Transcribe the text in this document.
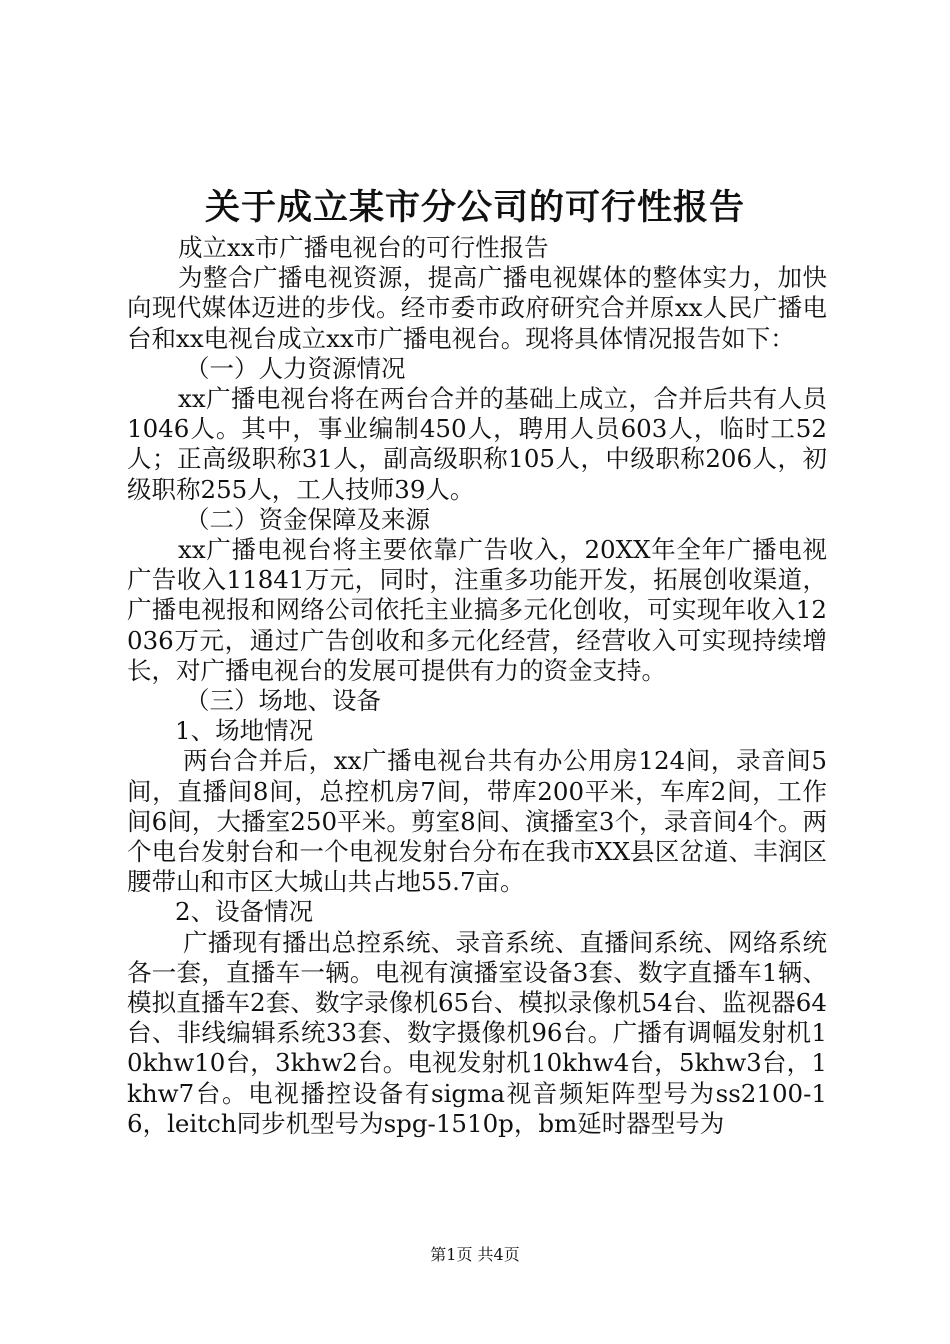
关于成立某市分公司的可行性报告

成立xx市广播电视台的可行性报告

为整合广播电视资源，提高广播电视媒体的整体实力，加快向现代媒体迈进的步伐。经市委市政府研究合并原xx人民广播电台和xx电视台成立xx市广播电视台。现将具体情况报告如下：

（一）人力资源情况

xx广播电视台将在两台合并的基础上成立，合并后共有人员1046人。其中，事业编制450人，聘用人员603人，临时工52人；正高级职称31人，副高级职称105人，中级职称206人，初级职称255人，工人技师39人。

（二）资金保障及来源

xx广播电视台将主要依靠广告收入，20XX年全年广播电视广告收入11841万元，同时，注重多功能开发，拓展创收渠道，广播电视报和网络公司依托主业搞多元化创收，可实现年收入12036万元，通过广告创收和多元化经营，经营收入可实现持续增长，对广播电视台的发展可提供有力的资金支持。

（三）场地、设备

1、场地情况

两台合并后，xx广播电视台共有办公用房124间，录音间5间，直播间8间，总控机房7间，带库200平米，车库2间，工作间6间，大播室250平米。剪室8间、演播室3个，录音间4个。两个电台发射台和一个电视发射台分布在我市XX县区岔道、丰润区腰带山和市区大城山共占地55.7亩。

2、设备情况

广播现有播出总控系统、录音系统、直播间系统、网络系统各一套，直播车一辆。电视有演播室设备3套、数字直播车1辆、模拟直播车2套、数字录像机65台、模拟录像机54台、监视器64台、非线编辑系统33套、数字摄像机96台。广播有调幅发射机10khw10台，3khw2台。电视发射机10khw4台，5khw3台，1khw7台。电视播控设备有sigma视音频矩阵型号为ss2100-16，leitch同步机型号为spg-1510p，bm延时器型号为

第1页 共4页
